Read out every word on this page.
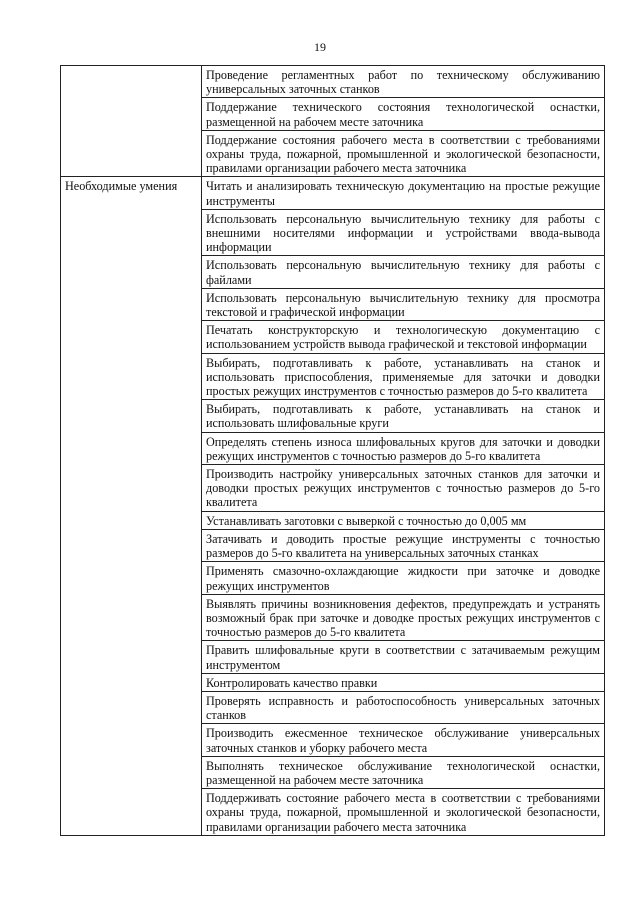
19
	Проведение регламентных работ по техническому обслуживанию универсальных заточных станков
	Поддержание технического состояния технологической оснастки, размещенной на рабочем месте заточника
	Поддержание состояния рабочего места в соответствии с требованиями охраны труда, пожарной, промышленной и экологической безопасности, правилами организации рабочего места заточника
Необходимые умения	Читать и анализировать техническую документацию на простые режущие инструменты
	Использовать персональную вычислительную технику для работы с внешними носителями информации и устройствами ввода-вывода информации
	Использовать персональную вычислительную технику для работы с файлами
	Использовать персональную вычислительную технику для просмотра текстовой и графической информации
	Печатать конструкторскую и технологическую документацию с использованием устройств вывода графической и текстовой информации
	Выбирать, подготавливать к работе, устанавливать на станок и использовать приспособления, применяемые для заточки и доводки простых режущих инструментов с точностью размеров до 5-го квалитета
	Выбирать, подготавливать к работе, устанавливать на станок и использовать шлифовальные круги
	Определять степень износа шлифовальных кругов для заточки и доводки режущих инструментов с точностью размеров до 5-го квалитета
	Производить настройку универсальных заточных станков для заточки и доводки простых режущих инструментов с точностью размеров до 5-го квалитета
	Устанавливать заготовки с выверкой с точностью до 0,005 мм
	Затачивать и доводить простые режущие инструменты с точностью размеров до 5-го квалитета на универсальных заточных станках
	Применять смазочно-охлаждающие жидкости при заточке и доводке режущих инструментов
	Выявлять причины возникновения дефектов, предупреждать и устранять возможный брак при заточке и доводке простых режущих инструментов с точностью размеров до 5-го квалитета
	Править шлифовальные круги в соответствии с затачиваемым режущим инструментом
	Контролировать качество правки
	Проверять исправность и работоспособность универсальных заточных станков
	Производить ежесменное техническое обслуживание универсальных заточных станков и уборку рабочего места
	Выполнять техническое обслуживание технологической оснастки, размещенной на рабочем месте заточника
	Поддерживать состояние рабочего места в соответствии с требованиями охраны труда, пожарной, промышленной и экологической безопасности, правилами организации рабочего места заточника
